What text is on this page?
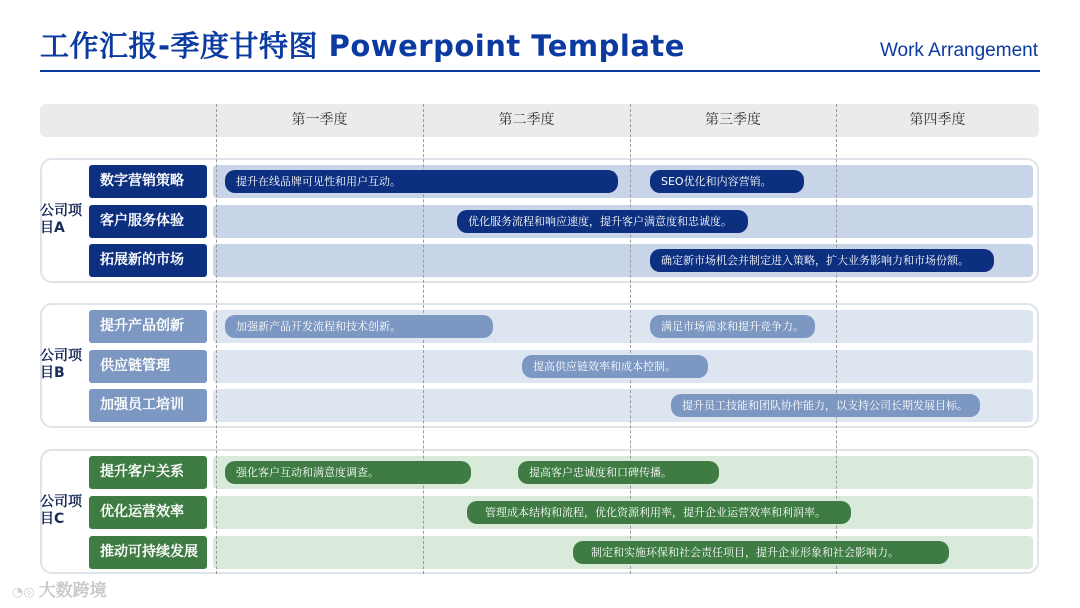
工作汇报-季度甘特图 Powerpoint Template	Work Arrangement
第一季度	第二季度	第三季度	第四季度
公司项目A
数字营销策略	提升在线品牌可见性和用户互动。	SEO优化和内容营销。
客户服务体验	优化服务流程和响应速度，提升客户满意度和忠诚度。
拓展新的市场	确定新市场机会并制定进入策略，扩大业务影响力和市场份额。
公司项目B
提升产品创新	加强新产品开发流程和技术创新。	满足市场需求和提升竞争力。
供应链管理	提高供应链效率和成本控制。
加强员工培训	提升员工技能和团队协作能力，以支持公司长期发展目标。
公司项目C
提升客户关系	强化客户互动和满意度调查。	提高客户忠诚度和口碑传播。
优化运营效率	管理成本结构和流程，优化资源利用率，提升企业运营效率和利润率。
推动可持续发展	制定和实施环保和社会责任项目，提升企业形象和社会影响力。
◔◎ 大数跨境
